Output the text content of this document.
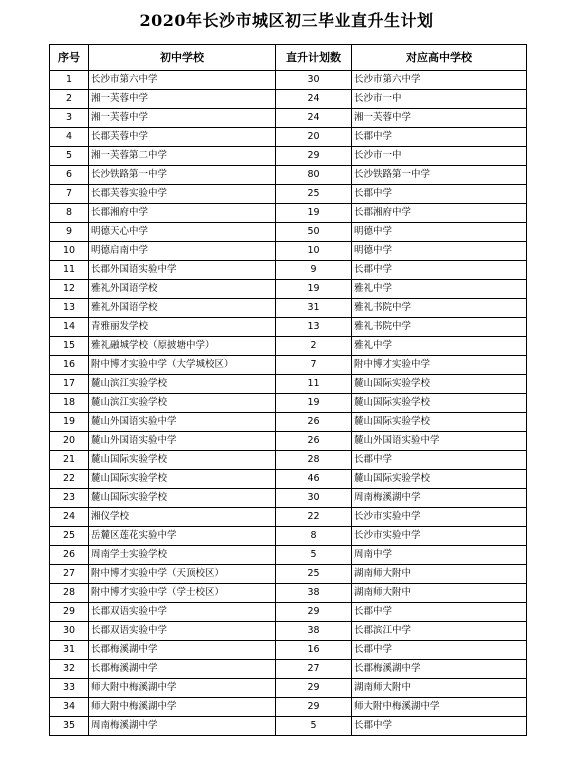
2020年长沙市城区初三毕业直升生计划
序号	初中学校	直升计划数	对应高中学校
1	长沙市第六中学	30	长沙市第六中学
2	湘一芙蓉中学	24	长沙市一中
3	湘一芙蓉中学	24	湘一芙蓉中学
4	长郡芙蓉中学	20	长郡中学
5	湘一芙蓉第二中学	29	长沙市一中
6	长沙铁路第一中学	80	长沙铁路第一中学
7	长郡芙蓉实验中学	25	长郡中学
8	长郡湘府中学	19	长郡湘府中学
9	明德天心中学	50	明德中学
10	明德启南中学	10	明德中学
11	长郡外国语实验中学	9	长郡中学
12	雅礼外国语学校	19	雅礼中学
13	雅礼外国语学校	31	雅礼书院中学
14	青雅丽发学校	13	雅礼书院中学
15	雅礼融城学校（原披塘中学）	2	雅礼中学
16	附中博才实验中学（大学城校区）	7	附中博才实验中学
17	麓山滨江实验学校	11	麓山国际实验学校
18	麓山滨江实验学校	19	麓山国际实验学校
19	麓山外国语实验中学	26	麓山国际实验学校
20	麓山外国语实验中学	26	麓山外国语实验中学
21	麓山国际实验学校	28	长郡中学
22	麓山国际实验学校	46	麓山国际实验学校
23	麓山国际实验学校	30	周南梅溪湖中学
24	湘仪学校	22	长沙市实验中学
25	岳麓区莲花实验中学	8	长沙市实验中学
26	周南学士实验学校	5	周南中学
27	附中博才实验中学（天顶校区）	25	湖南师大附中
28	附中博才实验中学（学士校区）	38	湖南师大附中
29	长郡双语实验中学	29	长郡中学
30	长郡双语实验中学	38	长郡滨江中学
31	长郡梅溪湖中学	16	长郡中学
32	长郡梅溪湖中学	27	长郡梅溪湖中学
33	师大附中梅溪湖中学	29	湖南师大附中
34	师大附中梅溪湖中学	29	师大附中梅溪湖中学
35	周南梅溪湖中学	5	长郡中学
